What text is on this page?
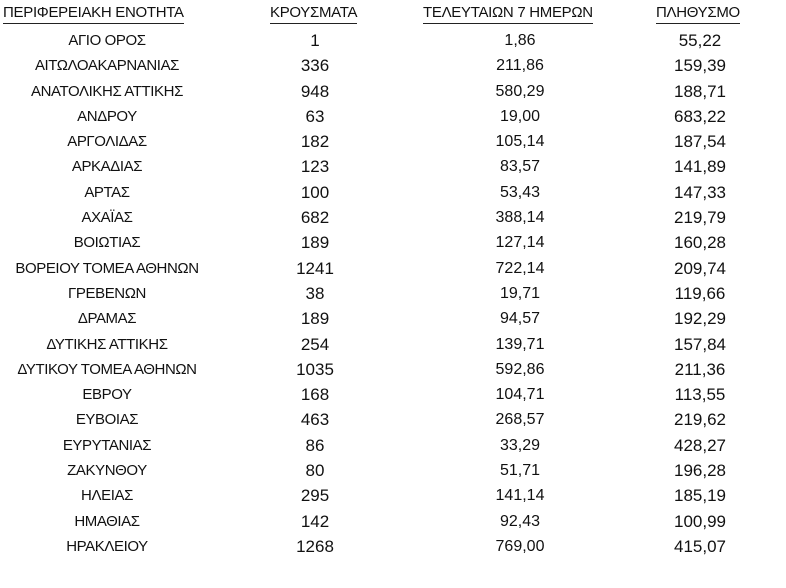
ΠΕΡΙΦΕΡΕΙΑΚΗ ΕΝΟΤΗΤΑ	ΚΡΟΥΣΜΑΤΑ	ΤΕΛΕΥΤΑΙΩΝ 7 ΗΜΕΡΩΝ	ΠΛΗΘΥΣΜΟ
ΑΓΙΟ ΟΡΟΣ	1	1,86	55,22
ΑΙΤΩΛΟΑΚΑΡΝΑΝΙΑΣ	336	211,86	159,39
ΑΝΑΤΟΛΙΚΗΣ ΑΤΤΙΚΗΣ	948	580,29	188,71
ΑΝΔΡΟΥ	63	19,00	683,22
ΑΡΓΟΛΙΔΑΣ	182	105,14	187,54
ΑΡΚΑΔΙΑΣ	123	83,57	141,89
ΑΡΤΑΣ	100	53,43	147,33
ΑΧΑΪΑΣ	682	388,14	219,79
ΒΟΙΩΤΙΑΣ	189	127,14	160,28
ΒΟΡΕΙΟΥ ΤΟΜΕΑ ΑΘΗΝΩΝ	1241	722,14	209,74
ΓΡΕΒΕΝΩΝ	38	19,71	119,66
ΔΡΑΜΑΣ	189	94,57	192,29
ΔΥΤΙΚΗΣ ΑΤΤΙΚΗΣ	254	139,71	157,84
ΔΥΤΙΚΟΥ ΤΟΜΕΑ ΑΘΗΝΩΝ	1035	592,86	211,36
ΕΒΡΟΥ	168	104,71	113,55
ΕΥΒΟΙΑΣ	463	268,57	219,62
ΕΥΡΥΤΑΝΙΑΣ	86	33,29	428,27
ΖΑΚΥΝΘΟΥ	80	51,71	196,28
ΗΛΕΙΑΣ	295	141,14	185,19
ΗΜΑΘΙΑΣ	142	92,43	100,99
ΗΡΑΚΛΕΙΟΥ	1268	769,00	415,07
